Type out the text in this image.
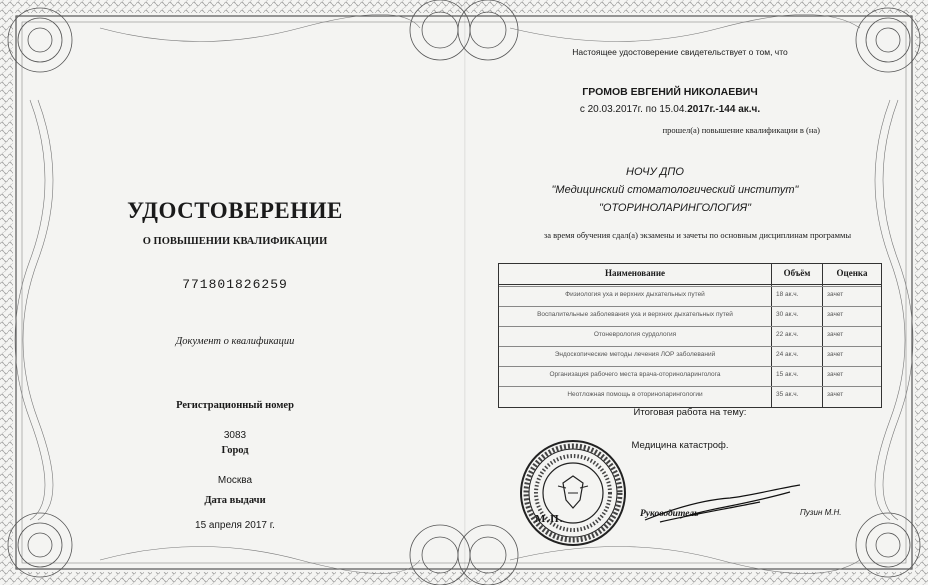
УДОСТОВЕРЕНИЕ
О ПОВЫШЕНИИ КВАЛИФИКАЦИИ
771801826259
Документ о квалификации
Регистрационный номер
3083
Город
Москва
Дата выдачи
15 апреля 2017 г.
Настоящее удостоверение свидетельствует о том, что
ГРОМОВ ЕВГЕНИЙ НИКОЛАЕВИЧ
с 20.03.2017г. по 15.04.2017г.-144 ак.ч.
прошел(а) повышение квалификации в (на)
НОЧУ ДПО
"Медицинский стоматологический институт"
"ОТОРИНОЛАРИНГОЛОГИЯ"
за время обучения сдал(а) экзамены и зачеты по основным дисциплинам программы
Наименование	Объём	Оценка
Физиология уха и верхних дыхательных путей	18 ак.ч.	зачет
Воспалительные заболевания уха и верхних дыхательных путей	30 ак.ч.	зачет
Отоневрология сурдология	22 ак.ч.	зачет
Эндоскопические методы лечения ЛОР заболеваний	24 ак.ч.	зачет
Организация рабочего места врача-оториноларинголога	15 ак.ч.	зачет
Неотложная помощь в оториноларингологии	35 ак.ч.	зачет
Итоговая работа на тему:
Медицина катастроф.
М.П.	Руководитель	Пузин М.Н.
